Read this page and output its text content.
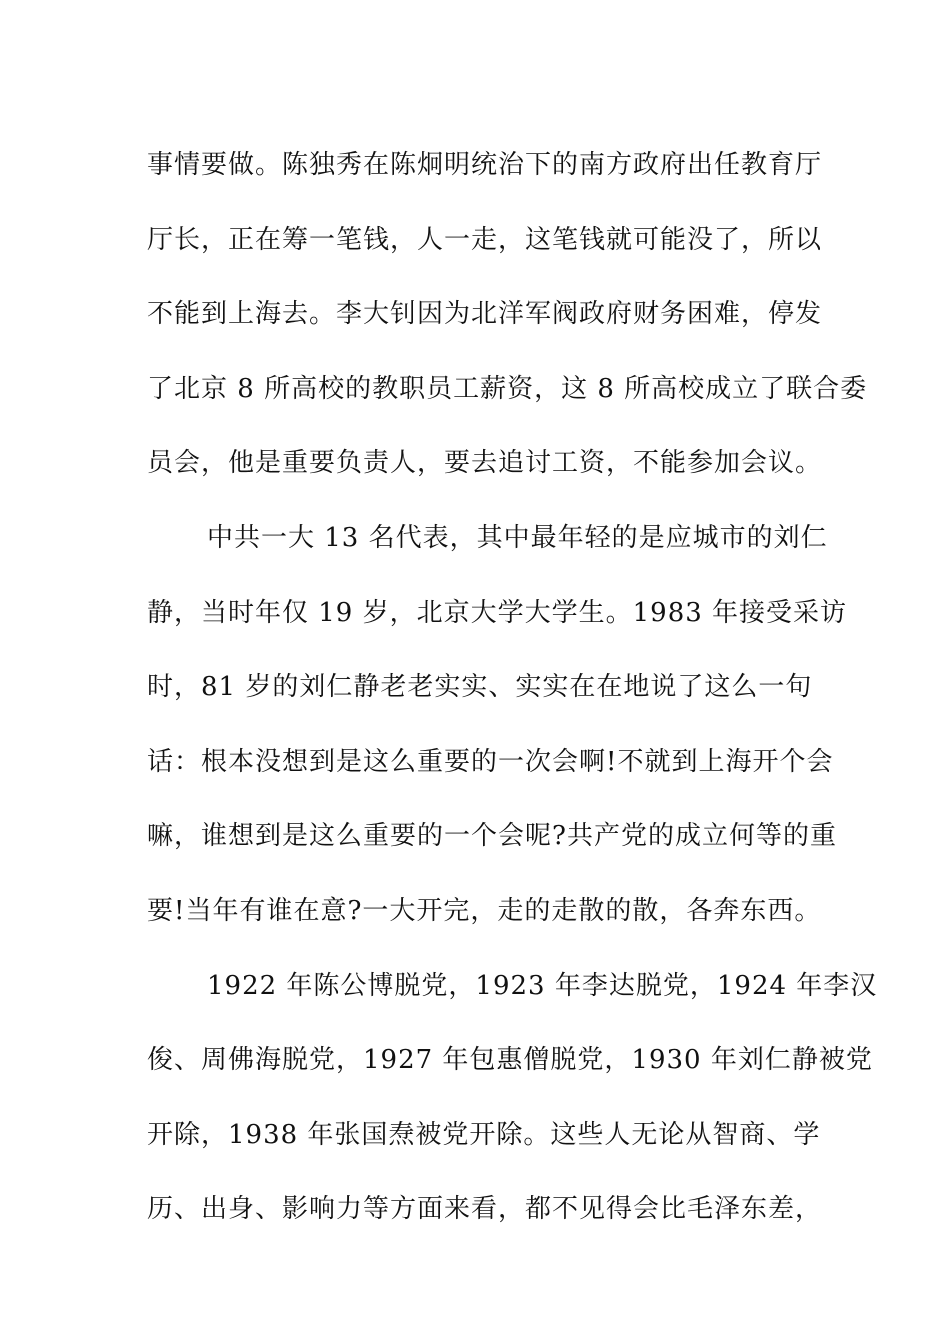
事情要做。陈独秀在陈炯明统治下的南方政府出任教育厅
厅长，正在筹一笔钱，人一走，这笔钱就可能没了，所以
不能到上海去。李大钊因为北洋军阀政府财务困难，停发
了北京 8 所高校的教职员工薪资，这 8 所高校成立了联合委
员会，他是重要负责人，要去追讨工资，不能参加会议。
中共一大 13 名代表，其中最年轻的是应城市的刘仁
静，当时年仅 19 岁，北京大学大学生。1983 年接受采访
时，81 岁的刘仁静老老实实、实实在在地说了这么一句
话：根本没想到是这么重要的一次会啊!不就到上海开个会
嘛，谁想到是这么重要的一个会呢?共产党的成立何等的重
要!当年有谁在意?一大开完，走的走散的散，各奔东西。
1922 年陈公博脱党，1923 年李达脱党，1924 年李汉
俊、周佛海脱党，1927 年包惠僧脱党，1930 年刘仁静被党
开除，1938 年张国焘被党开除。这些人无论从智商、学
历、出身、影响力等方面来看，都不见得会比毛泽东差，
